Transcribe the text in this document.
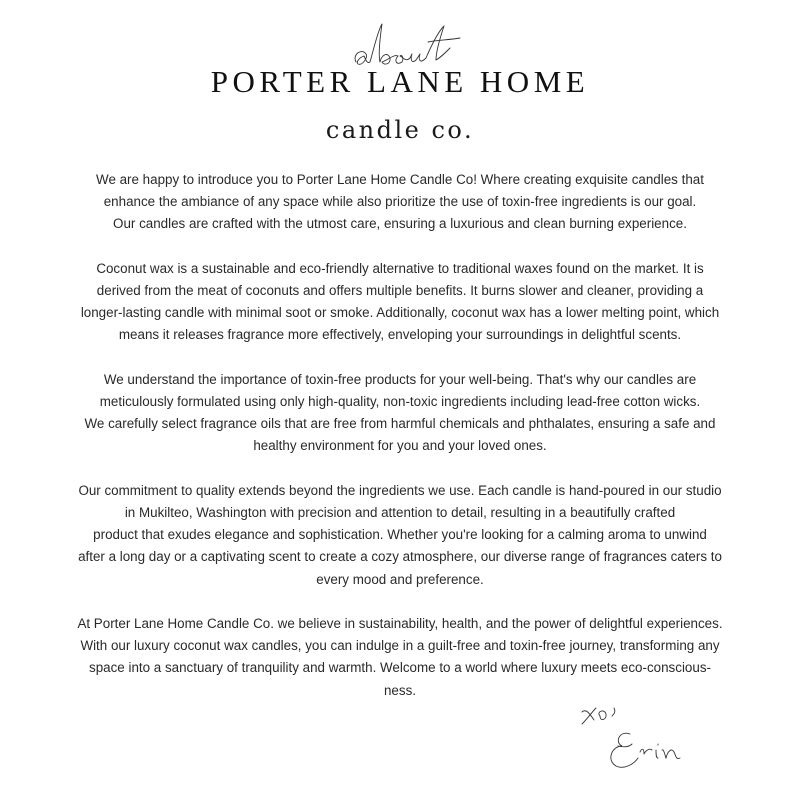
PORTER LANE HOME
candle co.

We are happy to introduce you to Porter Lane Home Candle Co! Where creating exquisite candles that
enhance the ambiance of any space while also prioritize the use of toxin-free ingredients is our goal.
Our candles are crafted with the utmost care, ensuring a luxurious and clean burning experience.

Coconut wax is a sustainable and eco-friendly alternative to traditional waxes found on the market. It is
derived from the meat of coconuts and offers multiple benefits. It burns slower and cleaner, providing a
longer-lasting candle with minimal soot or smoke. Additionally, coconut wax has a lower melting point, which
means it releases fragrance more effectively, enveloping your surroundings in delightful scents.

We understand the importance of toxin-free products for your well-being. That's why our candles are
meticulously formulated using only high-quality, non-toxic ingredients including lead-free cotton wicks.
We carefully select fragrance oils that are free from harmful chemicals and phthalates, ensuring a safe and
healthy environment for you and your loved ones.

Our commitment to quality extends beyond the ingredients we use. Each candle is hand-poured in our studio
in Mukilteo, Washington with precision and attention to detail, resulting in a beautifully crafted
product that exudes elegance and sophistication. Whether you're looking for a calming aroma to unwind
after a long day or a captivating scent to create a cozy atmosphere, our diverse range of fragrances caters to
every mood and preference.

At Porter Lane Home Candle Co. we believe in sustainability, health, and the power of delightful experiences.
With our luxury coconut wax candles, you can indulge in a guilt-free and toxin-free journey, transforming any
space into a sanctuary of tranquility and warmth. Welcome to a world where luxury meets eco-conscious-
ness.
